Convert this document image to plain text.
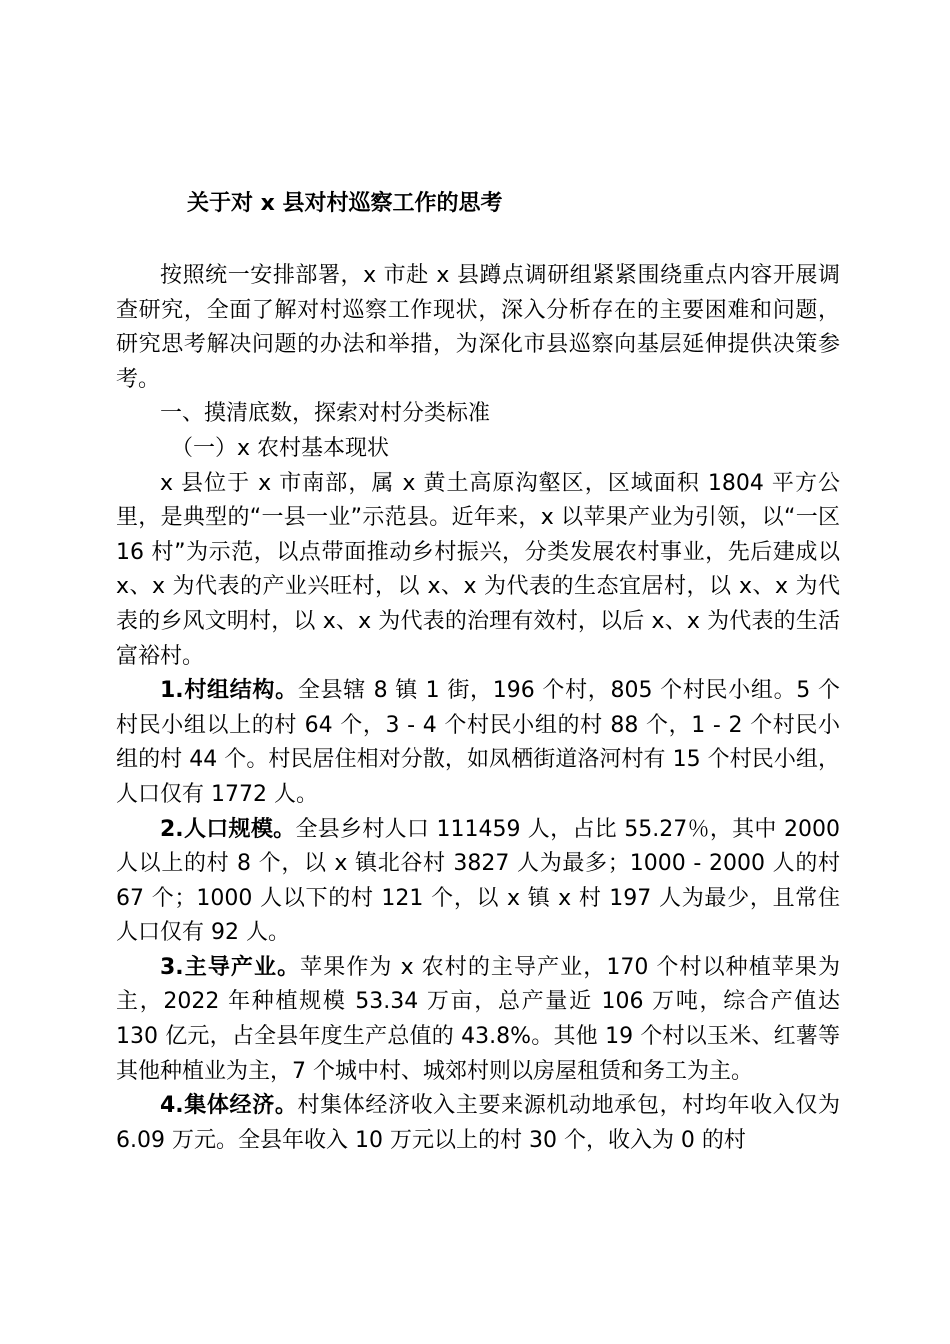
关于对 x 县对村巡察工作的思考

按照统一安排部署，x 市赴 x 县蹲点调研组紧紧围绕重点内容开展调查研究，全面了解对村巡察工作现状，深入分析存在的主要困难和问题，研究思考解决问题的办法和举措，为深化市县巡察向基层延伸提供决策参考。

一、摸清底数，探索对村分类标准

（一）x 农村基本现状

x 县位于 x 市南部，属 x 黄土高原沟壑区，区域面积 1804 平方公里，是典型的“一县一业”示范县。近年来，x 以苹果产业为引领，以“一区 16 村”为示范，以点带面推动乡村振兴，分类发展农村事业，先后建成以 x、x 为代表的产业兴旺村，以 x、x 为代表的生态宜居村，以 x、x 为代表的乡风文明村，以 x、x 为代表的治理有效村，以后 x、x 为代表的生活富裕村。

1.村组结构。全县辖 8 镇 1 街，196 个村，805 个村民小组。5 个村民小组以上的村 64 个，3 - 4 个村民小组的村 88 个，1 - 2 个村民小组的村 44 个。村民居住相对分散，如凤栖街道洛河村有 15 个村民小组，人口仅有 1772 人。

2.人口规模。全县乡村人口 111459 人，占比 55.27％，其中 2000 人以上的村 8 个，以 x 镇北谷村 3827 人为最多；1000 - 2000 人的村 67 个；1000 人以下的村 121 个，以 x 镇 x 村 197 人为最少，且常住人口仅有 92 人。

3.主导产业。苹果作为 x 农村的主导产业，170 个村以种植苹果为主，2022 年种植规模 53.34 万亩，总产量近 106 万吨，综合产值达 130 亿元，占全县年度生产总值的 43.8%。其他 19 个村以玉米、红薯等其他种植业为主，7 个城中村、城郊村则以房屋租赁和务工为主。

4.集体经济。村集体经济收入主要来源机动地承包，村均年收入仅为 6.09 万元。全县年收入 10 万元以上的村 30 个，收入为 0 的村
